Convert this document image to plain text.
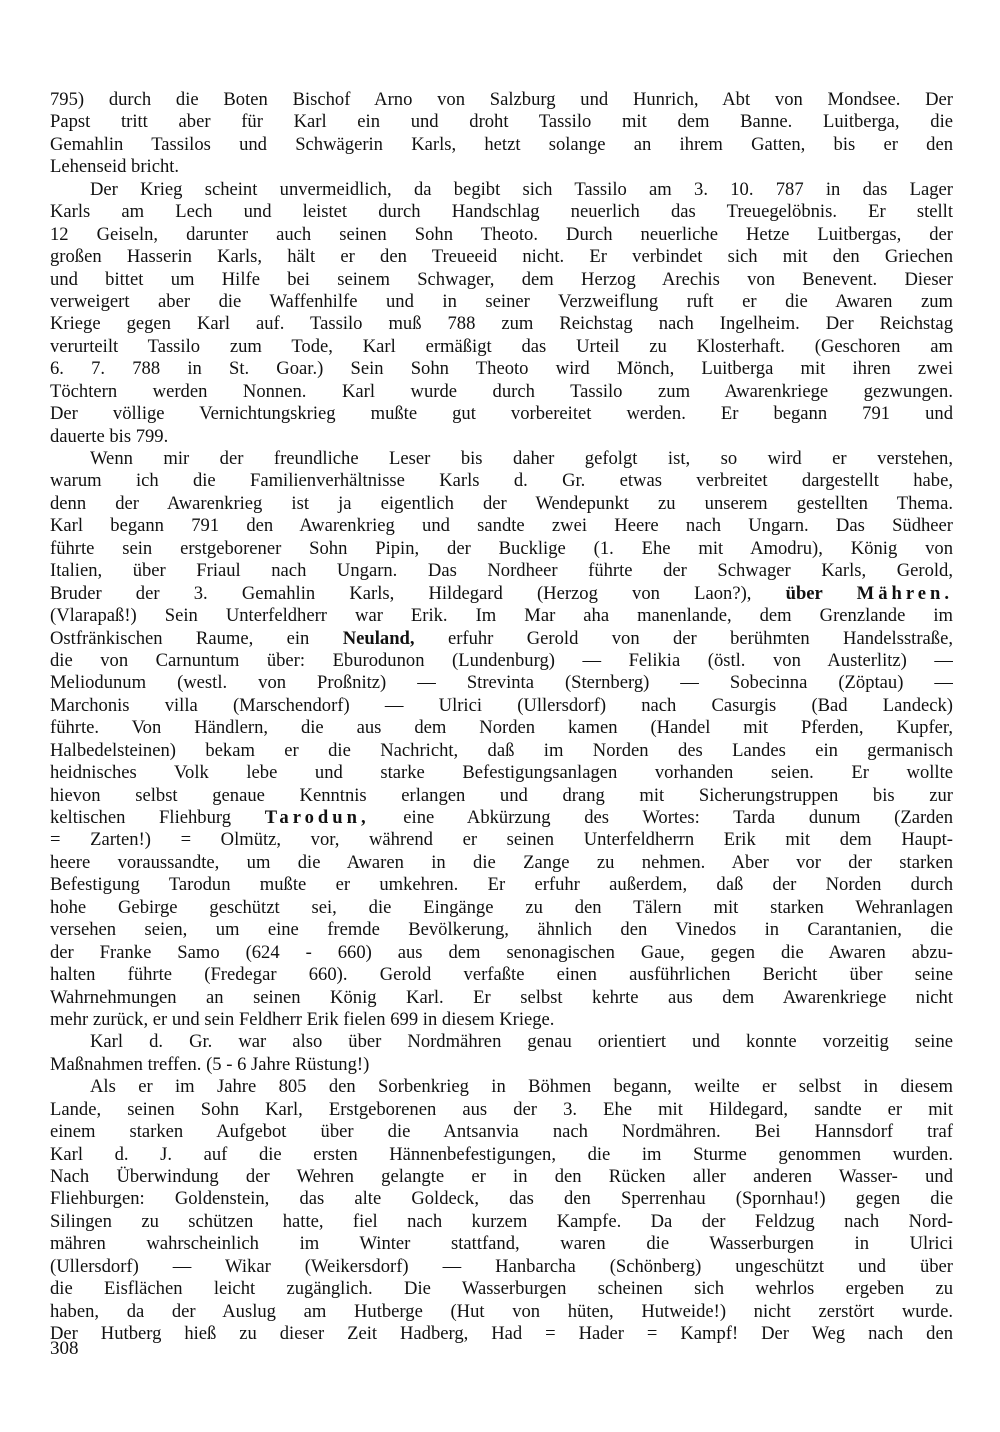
795) durch die Boten Bischof Arno von Salzburg und Hunrich, Abt von Mondsee. Der
Papst tritt aber für Karl ein und droht Tassilo mit dem Banne. Luitberga, die
Gemahlin Tassilos und Schwägerin Karls, hetzt solange an ihrem Gatten, bis er den
Lehenseid bricht.
Der Krieg scheint unvermeidlich, da begibt sich Tassilo am 3. 10. 787 in das Lager
Karls am Lech und leistet durch Handschlag neuerlich das Treuegelöbnis. Er stellt
12 Geiseln, darunter auch seinen Sohn Theoto. Durch neuerliche Hetze Luitbergas, der
großen Hasserin Karls, hält er den Treueeid nicht. Er verbindet sich mit den Griechen
und bittet um Hilfe bei seinem Schwager, dem Herzog Arechis von Benevent. Dieser
verweigert aber die Waffenhilfe und in seiner Verzweiflung ruft er die Awaren zum
Kriege gegen Karl auf. Tassilo muß 788 zum Reichstag nach Ingelheim. Der Reichstag
verurteilt Tassilo zum Tode, Karl ermäßigt das Urteil zu Klosterhaft. (Geschoren am
6. 7. 788 in St. Goar.) Sein Sohn Theoto wird Mönch, Luitberga mit ihren zwei
Töchtern werden Nonnen. Karl wurde durch Tassilo zum Awarenkriege gezwungen.
Der völlige Vernichtungskrieg mußte gut vorbereitet werden. Er begann 791 und
dauerte bis 799.
Wenn mir der freundliche Leser bis daher gefolgt ist, so wird er verstehen,
warum ich die Familienverhältnisse Karls d. Gr. etwas verbreitet dargestellt habe,
denn der Awarenkrieg ist ja eigentlich der Wendepunkt zu unserem gestellten Thema.
Karl begann 791 den Awarenkrieg und sandte zwei Heere nach Ungarn. Das Südheer
führte sein erstgeborener Sohn Pipin, der Bucklige (1. Ehe mit Amodru), König von
Italien, über Friaul nach Ungarn. Das Nordheer führte der Schwager Karls, Gerold,
Bruder der 3. Gemahlin Karls, Hildegard (Herzog von Laon?), über Mähren.
(Vlarapaß!) Sein Unterfeldherr war Erik. Im Mar aha manenlande, dem Grenzlande im
Ostfränkischen Raume, ein Neuland, erfuhr Gerold von der berühmten Handelsstraße,
die von Carnuntum über: Eburodunon (Lundenburg) — Felikia (östl. von Austerlitz) —
Meliodunum (westl. von Proßnitz) — Strevinta (Sternberg) — Sobecinna (Zöptau) —
Marchonis villa (Marschendorf) — Ulrici (Ullersdorf) nach Casurgis (Bad Landeck)
führte. Von Händlern, die aus dem Norden kamen (Handel mit Pferden, Kupfer,
Halbedelsteinen) bekam er die Nachricht, daß im Norden des Landes ein germanisch
heidnisches Volk lebe und starke Befestigungsanlagen vorhanden seien. Er wollte
hievon selbst genaue Kenntnis erlangen und drang mit Sicherungstruppen bis zur
keltischen Fliehburg Tarodun, eine Abkürzung des Wortes: Tarda dunum (Zarden
= Zarten!) = Olmütz, vor, während er seinen Unterfeldherrn Erik mit dem Haupt-
heere voraussandte, um die Awaren in die Zange zu nehmen. Aber vor der starken
Befestigung Tarodun mußte er umkehren. Er erfuhr außerdem, daß der Norden durch
hohe Gebirge geschützt sei, die Eingänge zu den Tälern mit starken Wehranlagen
versehen seien, um eine fremde Bevölkerung, ähnlich den Vinedos in Carantanien, die
der Franke Samo (624 - 660) aus dem senonagischen Gaue, gegen die Awaren abzu-
halten führte (Fredegar 660). Gerold verfaßte einen ausführlichen Bericht über seine
Wahrnehmungen an seinen König Karl. Er selbst kehrte aus dem Awarenkriege nicht
mehr zurück, er und sein Feldherr Erik fielen 699 in diesem Kriege.
Karl d. Gr. war also über Nordmähren genau orientiert und konnte vorzeitig seine
Maßnahmen treffen. (5 - 6 Jahre Rüstung!)
Als er im Jahre 805 den Sorbenkrieg in Böhmen begann, weilte er selbst in diesem
Lande, seinen Sohn Karl, Erstgeborenen aus der 3. Ehe mit Hildegard, sandte er mit
einem starken Aufgebot über die Antsanvia nach Nordmähren. Bei Hannsdorf traf
Karl d. J. auf die ersten Hännenbefestigungen, die im Sturme genommen wurden.
Nach Überwindung der Wehren gelangte er in den Rücken aller anderen Wasser- und
Fliehburgen: Goldenstein, das alte Goldeck, das den Sperrenhau (Spornhau!) gegen die
Silingen zu schützen hatte, fiel nach kurzem Kampfe. Da der Feldzug nach Nord-
mähren wahrscheinlich im Winter stattfand, waren die Wasserburgen in Ulrici
(Ullersdorf) — Wikar (Weikersdorf) — Hanbarcha (Schönberg) ungeschützt und über
die Eisflächen leicht zugänglich. Die Wasserburgen scheinen sich wehrlos ergeben zu
haben, da der Auslug am Hutberge (Hut von hüten, Hutweide!) nicht zerstört wurde.
Der Hutberg hieß zu dieser Zeit Hadberg, Had = Hader = Kampf! Der Weg nach den
308
